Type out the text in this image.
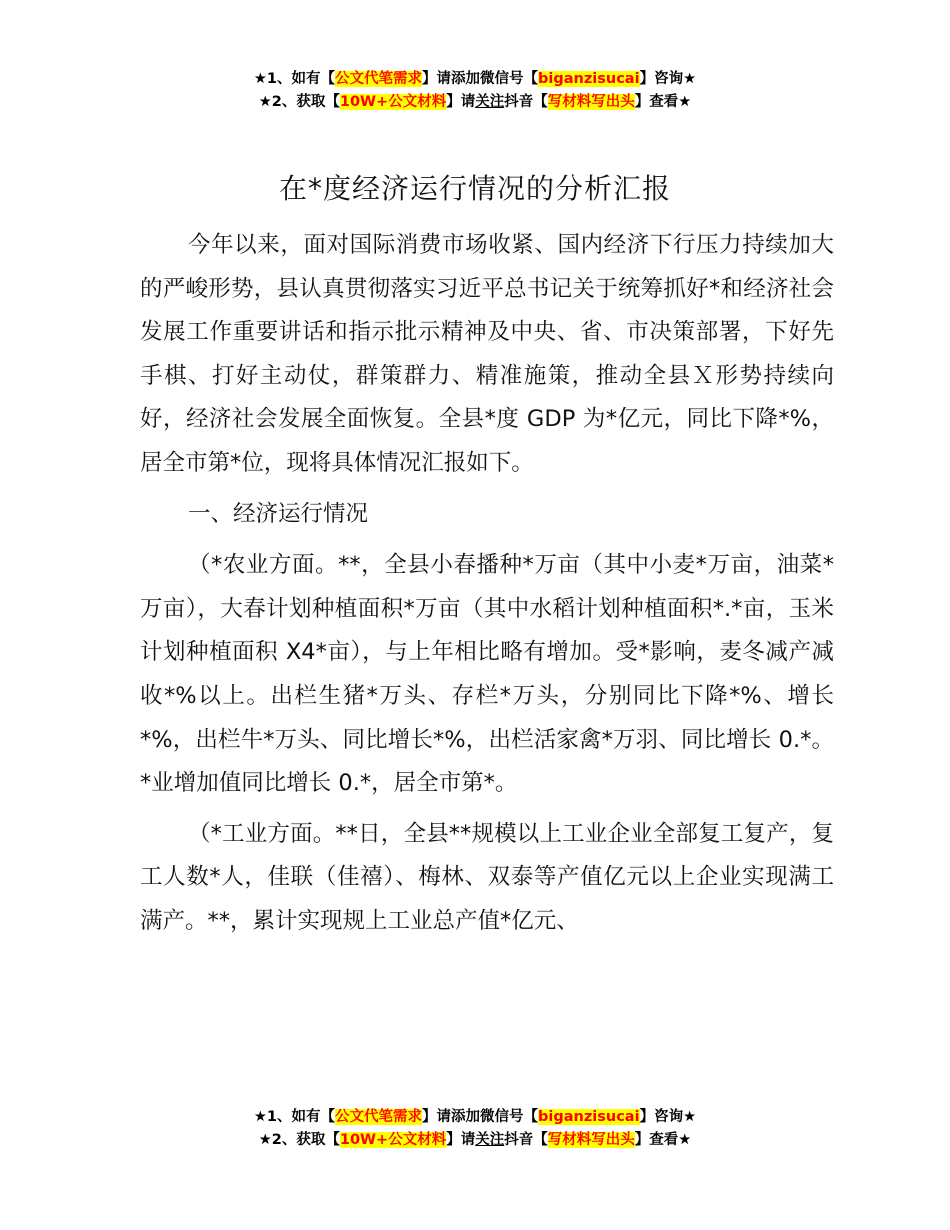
★1、如有【公文代笔需求】请添加微信号【biganzisucai】咨询★
★2、获取【10W+公文材料】请关注抖音【写材料写出头】查看★
在*度经济运行情况的分析汇报

今年以来，面对国际消费市场收紧、国内经济下行压力持续加大的严峻形势，县认真贯彻落实习近平总书记关于统筹抓好*和经济社会发展工作重要讲话和指示批示精神及中央、省、市决策部署，下好先手棋、打好主动仗，群策群力、精准施策，推动全县Ｘ形势持续向好，经济社会发展全面恢复。全县*度 GDP 为*亿元，同比下降*%，居全市第*位，现将具体情况汇报如下。

一、经济运行情况

（*农业方面。**，全县小春播种*万亩（其中小麦*万亩，油菜*万亩），大春计划种植面积*万亩（其中水稻计划种植面积*.*亩，玉米计划种植面积 X4*亩），与上年相比略有增加。受*影响，麦冬减产减收*%以上。出栏生猪*万头、存栏*万头，分别同比下降*%、增长*%，出栏牛*万头、同比增长*%，出栏活家禽*万羽、同比增长 0.*。*业增加值同比增长 0.*，居全市第*。

（*工业方面。**日，全县**规模以上工业企业全部复工复产，复工人数*人，佳联（佳禧）、梅林、双泰等产值亿元以上企业实现满工满产。**，累计实现规上工业总产值*亿元、

★1、如有【公文代笔需求】请添加微信号【biganzisucai】咨询★
★2、获取【10W+公文材料】请关注抖音【写材料写出头】查看★
